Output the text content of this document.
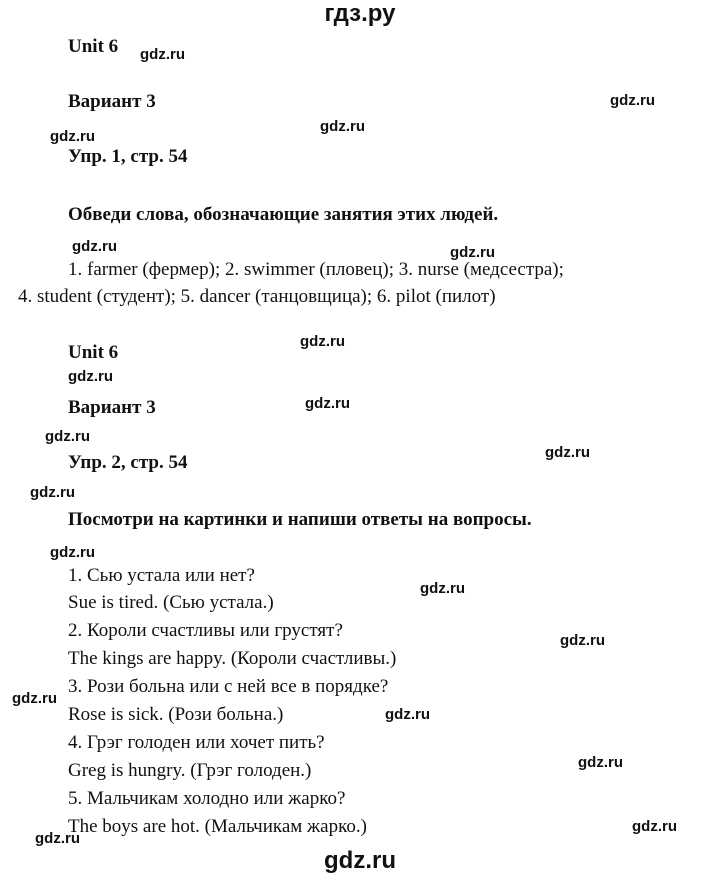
гдз.ру
Unit 6
Вариант 3
Упр. 1, стр. 54
Обведи слова, обозначающие занятия этих людей.
1. farmer (фермер); 2. swimmer (пловец); 3. nurse (медсестра);
4. student (студент); 5. dancer (танцовщица); 6. pilot (пилот)
Unit 6
Вариант 3
Упр. 2, стр. 54
Посмотри на картинки и напиши ответы на вопросы.
1. Сью устала или нет?
Sue is tired. (Сью устала.)
2. Короли счастливы или грустят?
The kings are happy. (Короли счастливы.)
3. Рози больна или с ней все в порядке?
Rose is sick. (Рози больна.)
4. Грэг голоден или хочет пить?
Greg is hungry. (Грэг голоден.)
5. Мальчикам холодно или жарко?
The boys are hot. (Мальчикам жарко.)
gdz.ru
gdz.ru
gdz.ru
gdz.ru
gdz.ru	gdz.ru
gdz.ru
gdz.ru
gdz.ru
gdz.ru
gdz.ru
gdz.ru
gdz.ru
gdz.ru
gdz.ru
gdz.ru
gdz.ru
gdz.ru
gdz.ru
gdz.ru
gdz.ru
